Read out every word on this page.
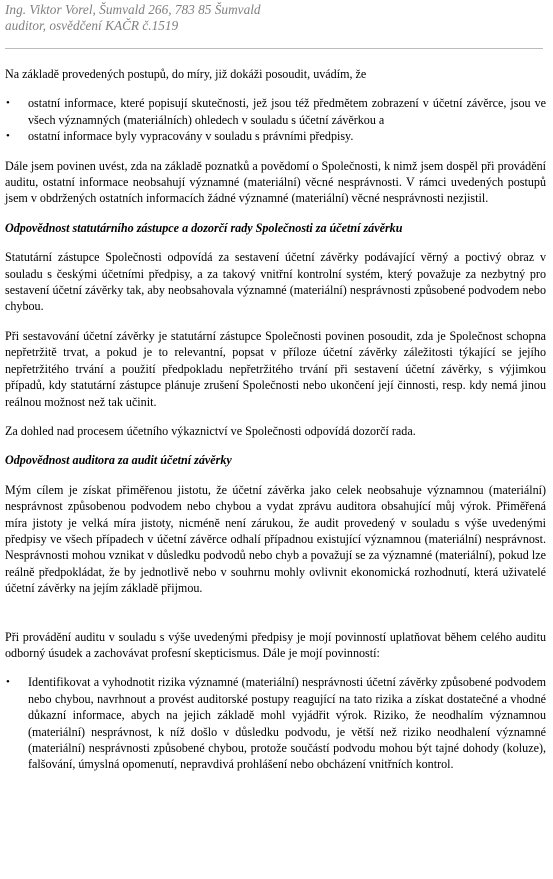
Ing. Viktor Vorel, Šumvald 266, 783 85 Šumvald
auditor, osvědčení KAČR č.1519

Na základě provedených postupů, do míry, již dokáži posoudit, uvádím, že

• ostatní informace, které popisují skutečnosti, jež jsou též předmětem zobrazení v účetní závěrce, jsou ve všech významných (materiálních) ohledech v souladu s účetní závěrkou a
• ostatní informace byly vypracovány v souladu s právními předpisy.

Dále jsem povinen uvést, zda na základě poznatků a povědomí o Společnosti, k nimž jsem dospěl při provádění auditu, ostatní informace neobsahují významné (materiální) věcné nesprávnosti. V rámci uvedených postupů jsem v obdržených ostatních informacích žádné významné (materiální) věcné nesprávnosti nezjistil.

Odpovědnost statutárního zástupce a dozorčí rady Společnosti za účetní závěrku

Statutární zástupce Společnosti odpovídá za sestavení účetní závěrky podávající věrný a poctivý obraz v souladu s českými účetními předpisy, a za takový vnitřní kontrolní systém, který považuje za nezbytný pro sestavení účetní závěrky tak, aby neobsahovala významné (materiální) nesprávnosti způsobené podvodem nebo chybou.

Při sestavování účetní závěrky je statutární zástupce Společnosti povinen posoudit, zda je Společnost schopna nepřetržitě trvat, a pokud je to relevantní, popsat v příloze účetní závěrky záležitosti týkající se jejího nepřetržitého trvání a použití předpokladu nepřetržitého trvání při sestavení účetní závěrky, s výjimkou případů, kdy statutární zástupce plánuje zrušení Společnosti nebo ukončení její činnosti, resp. kdy nemá jinou reálnou možnost než tak učinit.

Za dohled nad procesem účetního výkaznictví ve Společnosti odpovídá dozorčí rada.

Odpovědnost auditora za audit účetní závěrky

Mým cílem je získat přiměřenou jistotu, že účetní závěrka jako celek neobsahuje významnou (materiální) nesprávnost způsobenou podvodem nebo chybou a vydat zprávu auditora obsahující můj výrok. Přiměřená míra jistoty je velká míra jistoty, nicméně není zárukou, že audit provedený v souladu s výše uvedenými předpisy ve všech případech v účetní závěrce odhalí případnou existující významnou (materiální) nesprávnost. Nesprávnosti mohou vznikat v důsledku podvodů nebo chyb a považují se za významné (materiální), pokud lze reálně předpokládat, že by jednotlivě nebo v souhrnu mohly ovlivnit ekonomická rozhodnutí, která uživatelé účetní závěrky na jejím základě přijmou.

Při provádění auditu v souladu s výše uvedenými předpisy je mojí povinností uplatňovat během celého auditu odborný úsudek a zachovávat profesní skepticismus. Dále je mojí povinností:

• Identifikovat a vyhodnotit rizika významné (materiální) nesprávnosti účetní závěrky způsobené podvodem nebo chybou, navrhnout a provést auditorské postupy reagující na tato rizika a získat dostatečné a vhodné důkazní informace, abych na jejich základě mohl vyjádřit výrok. Riziko, že neodhalím významnou (materiální) nesprávnost, k níž došlo v důsledku podvodu, je větší než riziko neodhalení významné (materiální) nesprávnosti způsobené chybou, protože součástí podvodu mohou být tajné dohody (koluze), falšování, úmyslná opomenutí, nepravdivá prohlášení nebo obcházení vnitřních kontrol.
